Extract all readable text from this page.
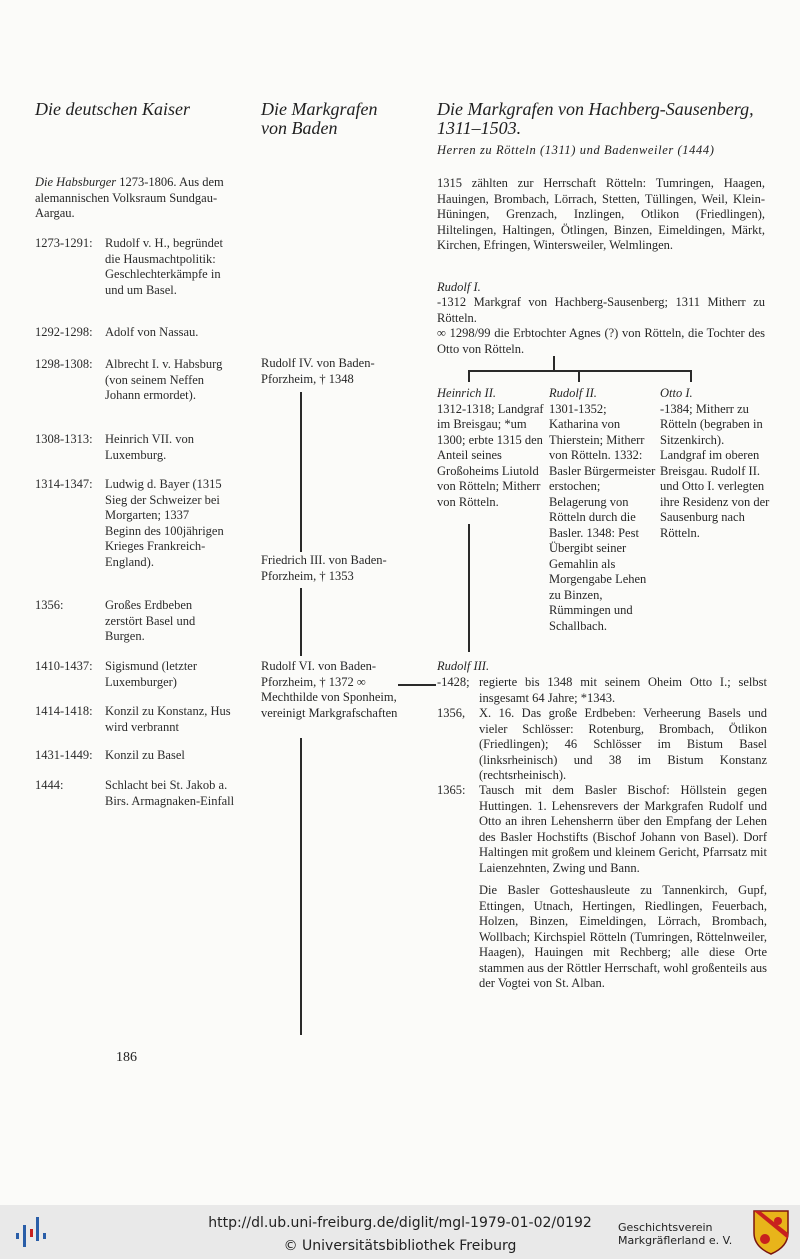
Die deutschen Kaiser	Die Markgrafen
von Baden
Die Markgrafen von Hachberg-Sausenberg,
1311–1503.
Herren zu Rötteln (1311) und Badenweiler (1444)
Die Habsburger 1273-1806. Aus dem alemannischen Volksraum Sundgau-Aargau.
1273-1291: Rudolf v. H., begründet die Hausmachtpolitik: Geschlechterkämpfe in und um Basel.
1292-1298: Adolf von Nassau.
1298-1308: Albrecht I. v. Habsburg (von seinem Neffen Johann ermordet).
1308-1313: Heinrich VII. von Luxemburg.
1314-1347: Ludwig d. Bayer (1315 Sieg der Schweizer bei Morgarten; 1337 Beginn des 100jährigen Krieges Frankreich-England).
1356:	Großes Erdbeben zerstört Basel und Burgen.
1410-1437: Sigismund (letzter Luxemburger)
1414-1418: Konzil zu Konstanz, Hus wird verbrannt
1431-1449: Konzil zu Basel
1444:	Schlacht bei St. Jakob a. Birs. Armagnaken-Einfall
186
Rudolf IV. von Baden-Pforzheim, † 1348
Friedrich III. von Baden-Pforzheim, † 1353
Rudolf VI. von Baden-Pforzheim, † 1372 ∞ Mechthilde von Sponheim, vereinigt Markgrafschaften
1315 zählten zur Herrschaft Rötteln: Tumringen, Haagen, Hauingen, Brombach, Lörrach, Stetten, Tüllingen, Weil, Klein-Hüningen, Grenzach, Inzlingen, Otlikon (Friedlingen), Hiltelingen, Haltingen, Ötlingen, Binzen, Eimeldingen, Märkt, Kirchen, Efringen, Wintersweiler, Welmlingen.
Rudolf I.
-1312 Markgraf von Hachberg-Sausenberg; 1311 Mitherr zu Rötteln.
∞ 1298/99 die Erbtochter Agnes (?) von Rötteln, die Tochter des Otto von Rötteln.
Heinrich II.
1312-1318; Landgraf im Breisgau; *um 1300; erbte 1315 den Anteil seines Großoheims Liutold von Rötteln; Mitherr von Rötteln.
Rudolf II.
1301-1352; Katharina von Thierstein; Mitherr von Rötteln. 1332: Basler Bürgermeister erstochen; Belagerung von Rötteln durch die Basler. 1348: Pest Übergibt seiner Gemahlin als Morgengabe Lehen zu Binzen, Rümmingen und Schallbach.
Otto I.
-1384; Mitherr zu Rötteln (begraben in Sitzenkirch). Landgraf im oberen Breisgau. Rudolf II. und Otto I. verlegten ihre Residenz von der Sausenburg nach Rötteln.
Rudolf III.
-1428; regierte bis 1348 mit seinem Oheim Otto I.; selbst insgesamt 64 Jahre; *1343.
1356, X. 16. Das große Erdbeben: Verheerung Basels und vieler Schlösser: Rotenburg, Brombach, Ötlikon (Friedlingen); 46 Schlösser im Bistum Basel (linksrheinisch) und 38 im Bistum Konstanz (rechtsrheinisch).
1365: Tausch mit dem Basler Bischof: Höllstein gegen Huttingen. 1. Lehensrevers der Markgrafen Rudolf und Otto an ihren Lehensherrn über den Empfang der Lehen des Basler Hochstifts (Bischof Johann von Basel). Dorf Haltingen mit großem und kleinem Gericht, Pfarrsatz mit Laienzehnten, Zwing und Bann.
Die Basler Gotteshausleute zu Tannenkirch, Gupf, Ettingen, Utnach, Hertingen, Riedlingen, Feuerbach, Holzen, Binzen, Eimeldingen, Lörrach, Brombach, Wollbach; Kirchspiel Rötteln (Tumringen, Röttelnweiler, Haagen), Hauingen mit Rechberg; alle diese Orte stammen aus der Röttler Herrschaft, wohl großenteils aus der Vogtei von St. Alban.
http://dl.ub.uni-freiburg.de/diglit/mgl-1979-01-02/0192
© Universitätsbibliothek Freiburg
Geschichtsverein
Markgräflerland e. V.
